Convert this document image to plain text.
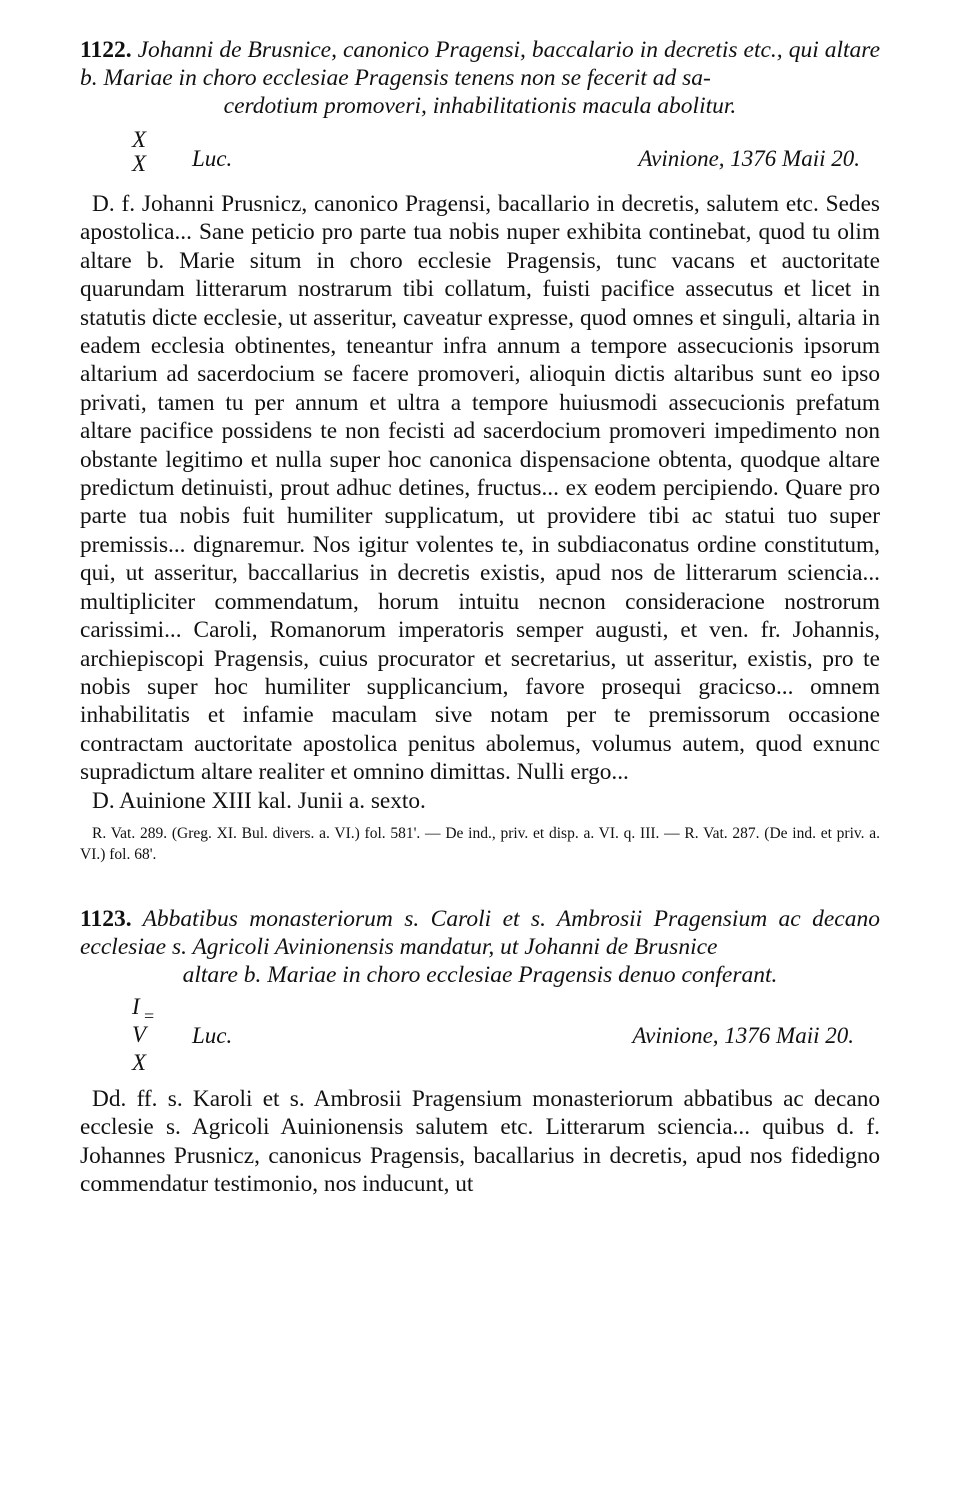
1122. Johanni de Brusnice, canonico Pragensi, baccalario in decretis etc., qui altare b. Mariae in choro ecclesiae Pragensis tenens non se fecerit ad sa-
cerdotium promoveri, inhabilitationis macula abolitur.
X
X Luc.	Avinione, 1376 Maii 20.

D. f. Johanni Prusnicz, canonico Pragensi, bacallario in decretis, salutem etc. Sedes apostolica... Sane peticio pro parte tua nobis nuper exhibita continebat, quod tu olim altare b. Marie situm in choro ecclesie Pragensis, tunc vacans et auctoritate quarundam litterarum nostrarum tibi collatum, fuisti pacifice assecutus et licet in statutis dicte ecclesie, ut asseritur, caveatur expresse, quod omnes et singuli, altaria in eadem ecclesia obtinentes, teneantur infra annum a tempore assecucionis ipsorum altarium ad sacerdocium se facere promoveri, alioquin dictis altaribus sunt eo ipso privati, tamen tu per annum et ultra a tempore huiusmodi assecucionis prefatum altare pacifice possidens te non fecisti ad sacerdocium promoveri impedimento non obstante legitimo et nulla super hoc canonica dispensacione obtenta, quodque altare predictum detinuisti, prout adhuc detines, fructus... ex eodem percipiendo. Quare pro parte tua nobis fuit humiliter supplicatum, ut providere tibi ac statui tuo super premissis... dignaremur. Nos igitur volentes te, in subdiaconatus ordine constitutum, qui, ut asseritur, baccallarius in decretis existis, apud nos de litterarum sciencia... multipliciter commendatum, horum intuitu necnon consideracione nostrorum carissimi... Caroli, Romanorum imperatoris semper augusti, et ven. fr. Johannis, archiepiscopi Pragensis, cuius procurator et secretarius, ut asseritur, existis, pro te nobis super hoc humiliter supplicancium, favore prosequi gracicso... omnem inhabilitatis et infamie maculam sive notam per te premissorum occasione contractam auctoritate apostolica penitus abolemus, volumus autem, quod exnunc supradictum altare realiter et omnino dimittas. Nulli ergo...

D. Auinione XIII kal. Junii a. sexto.

R. Vat. 289. (Greg. XI. Bul. divers. a. VI.) fol. 581'. — De ind., priv. et disp. a. VI. q. III. — R. Vat. 287. (De ind. et priv. a. VI.) fol. 68'.
1123. Abbatibus monasteriorum s. Caroli et s. Ambrosii Pragensium ac decano ecclesiae s. Agricoli Avinionensis mandatur, ut Johanni de Brusnice
altare b. Mariae in choro ecclesiae Pragensis denuo conferant.
I
V
X
=
Luc.	Avinione, 1376 Maii 20.

Dd. ff. s. Karoli et s. Ambrosii Pragensium monasteriorum abbatibus ac decano ecclesie s. Agricoli Auinionensis salutem etc. Litterarum sciencia... quibus d. f. Johannes Prusnicz, canonicus Pragensis, bacallarius in decretis, apud nos fidedigno commendatur testimonio, nos inducunt, ut
